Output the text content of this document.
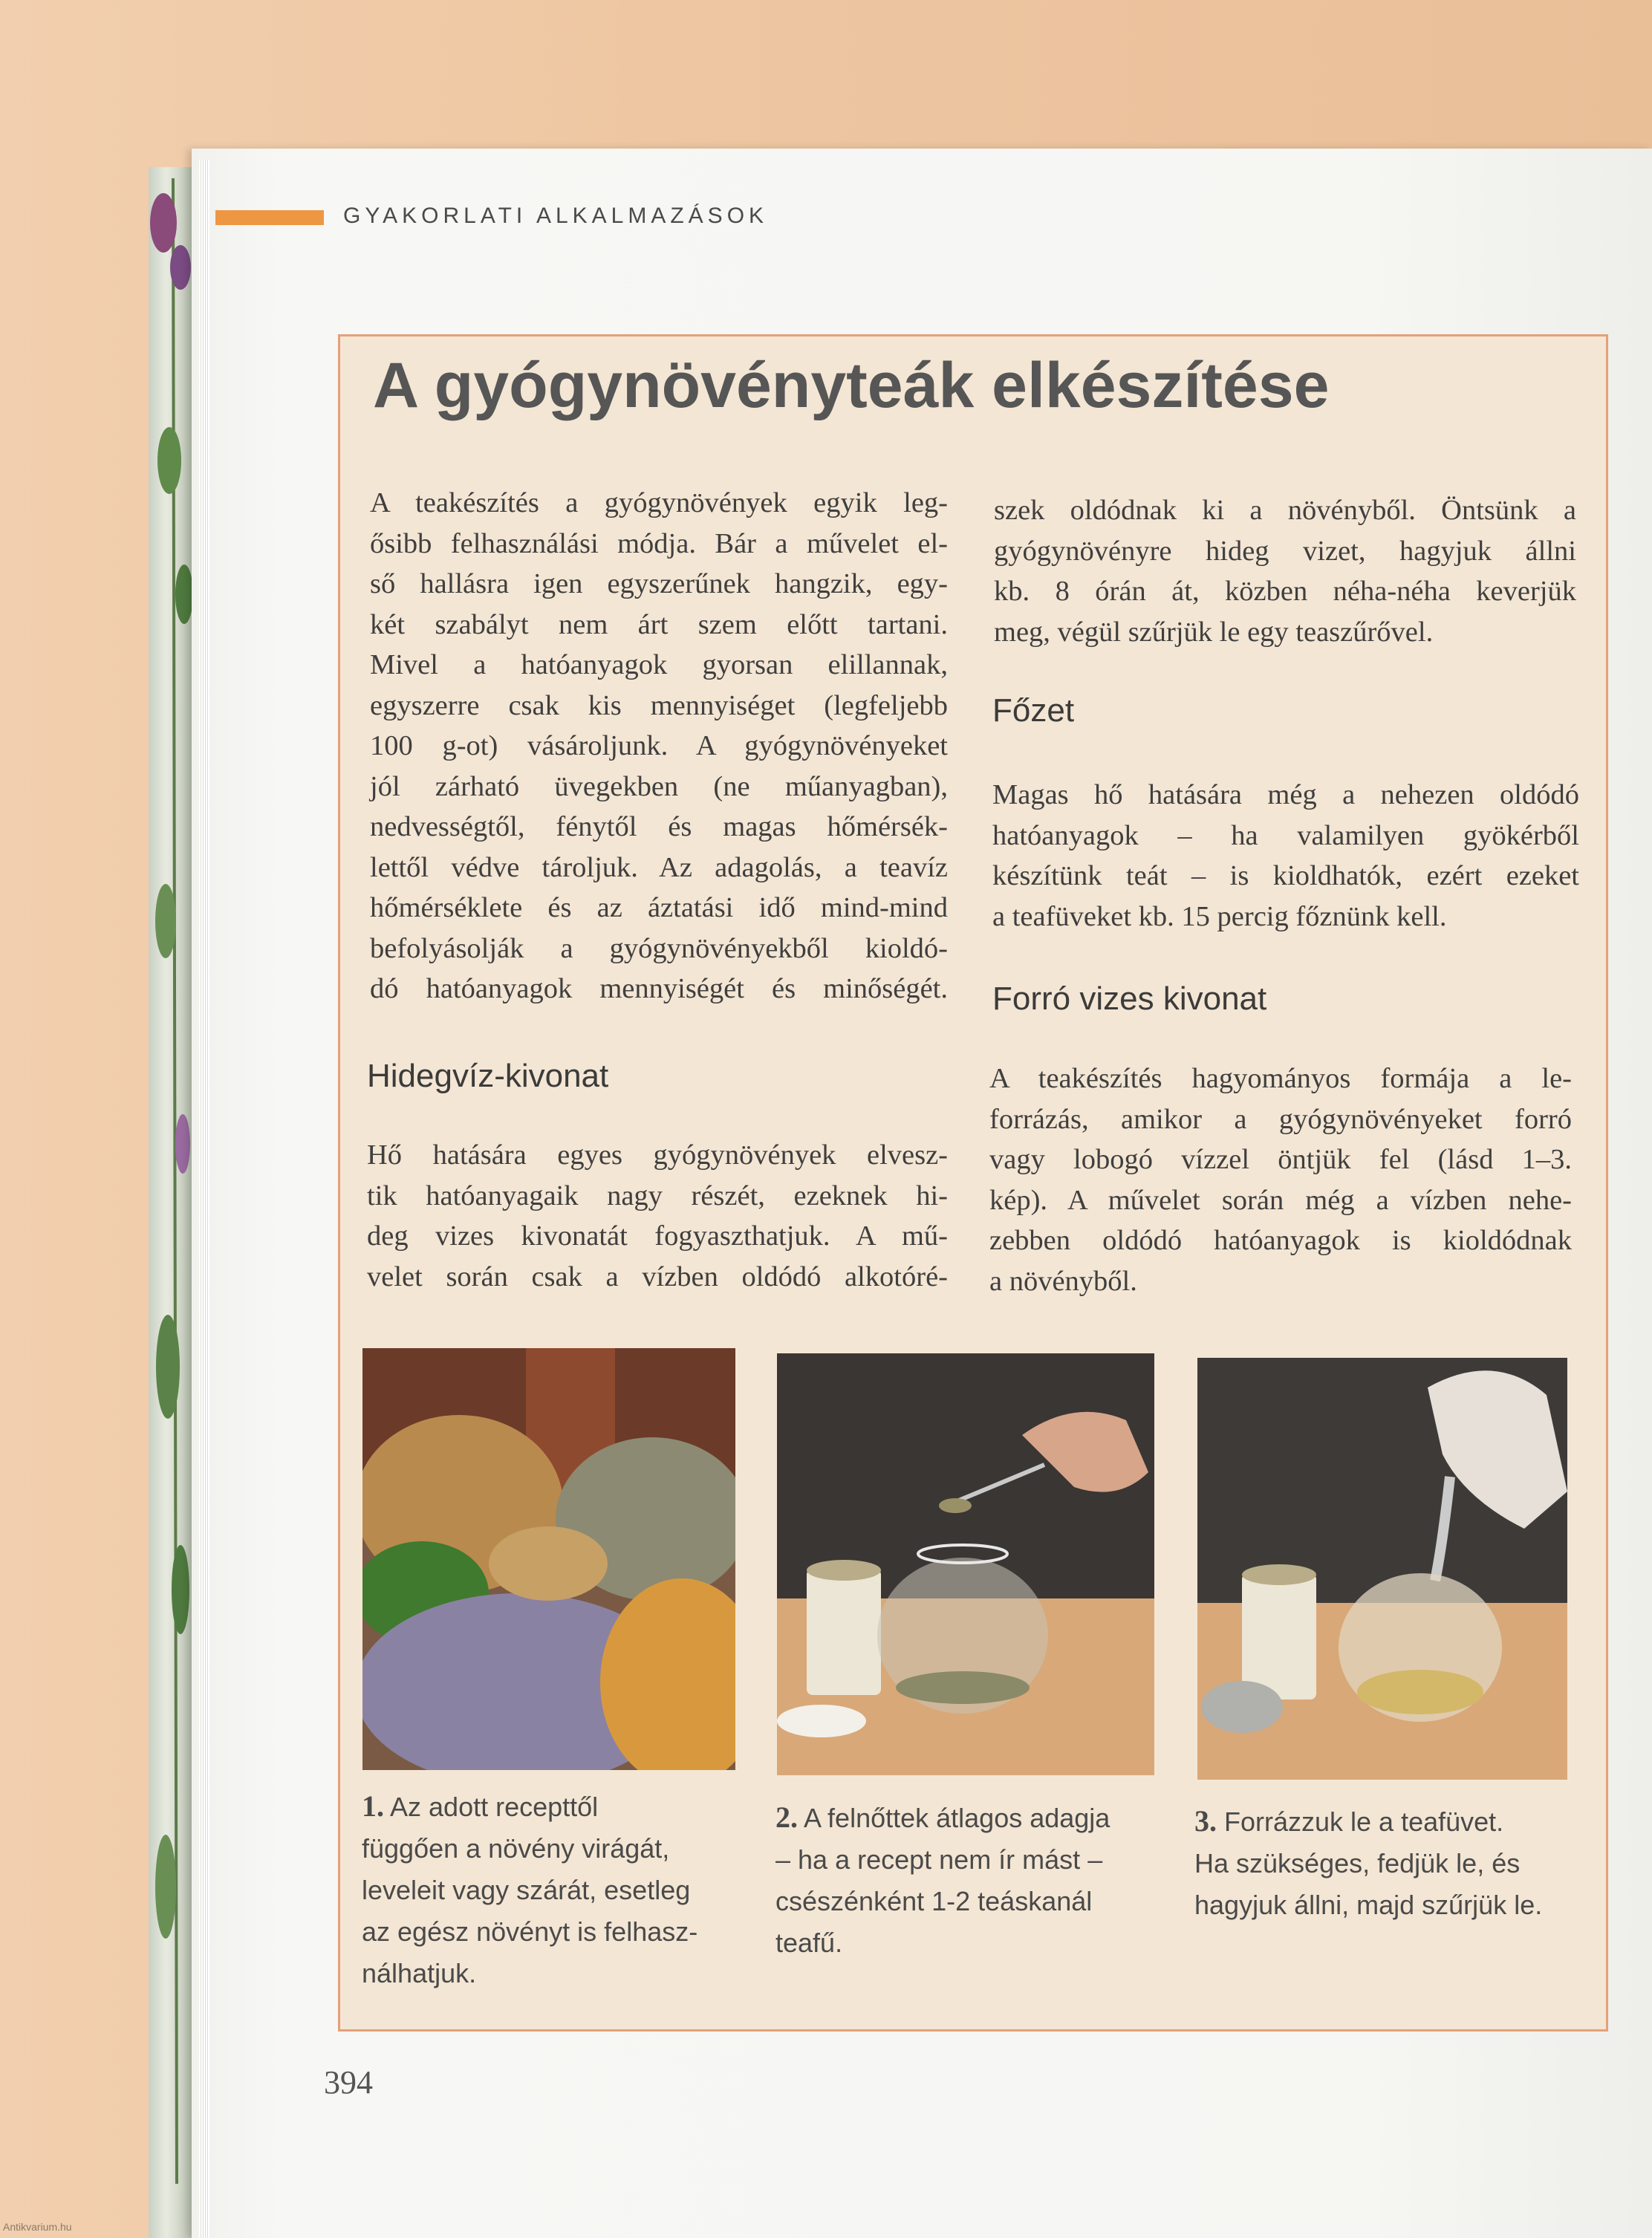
GYAKORLATI ALKALMAZÁSOK
A gyógynövényteák elkészítése
A teakészítés a gyógynövények egyik leg-
ősibb felhasználási módja. Bár a művelet el-
ső hallásra igen egyszerűnek hangzik, egy-
két szabályt nem árt szem előtt tartani.
Mivel a hatóanyagok gyorsan elillannak,
egyszerre csak kis mennyiséget (legfeljebb
100 g-ot) vásároljunk. A gyógynövényeket
jól zárható üvegekben (ne műanyagban),
nedvességtől, fénytől és magas hőmérsék-
lettől védve tároljuk. Az adagolás, a teavíz
hőmérséklete és az áztatási idő mind-mind
befolyásolják a gyógynövényekből kioldó-
dó hatóanyagok mennyiségét és minőségét.
Hidegvíz-kivonat
Hő hatására egyes gyógynövények elvesz-
tik hatóanyagaik nagy részét, ezeknek hi-
deg vizes kivonatát fogyaszthatjuk. A mű-
velet során csak a vízben oldódó alkotóré-
szek oldódnak ki a növényből. Öntsünk a
gyógynövényre hideg vizet, hagyjuk állni
kb. 8 órán át, közben néha-néha keverjük
meg, végül szűrjük le egy teaszűrővel.
Főzet
Magas hő hatására még a nehezen oldódó
hatóanyagok – ha valamilyen gyökérből
készítünk teát – is kioldhatók, ezért ezeket
a teafüveket kb. 15 percig főznünk kell.
Forró vizes kivonat
A teakészítés hagyományos formája a le-
forrázás, amikor a gyógynövényeket forró
vagy lobogó vízzel öntjük fel (lásd 1–3.
kép). A művelet során még a vízben nehe-
zebben oldódó hatóanyagok is kioldódnak
a növényből.
1. Az adott recepttől
függően a növény virágát,
leveleit vagy szárát, esetleg
az egész növényt is felhasz-
nálhatjuk.
2. A felnőttek átlagos adagja
– ha a recept nem ír mást –
csészénként 1-2 teáskanál
teafű.
3. Forrázzuk le a teafüvet.
Ha szükséges, fedjük le, és
hagyjuk állni, majd szűrjük le.
394
Antikvarium.hu
